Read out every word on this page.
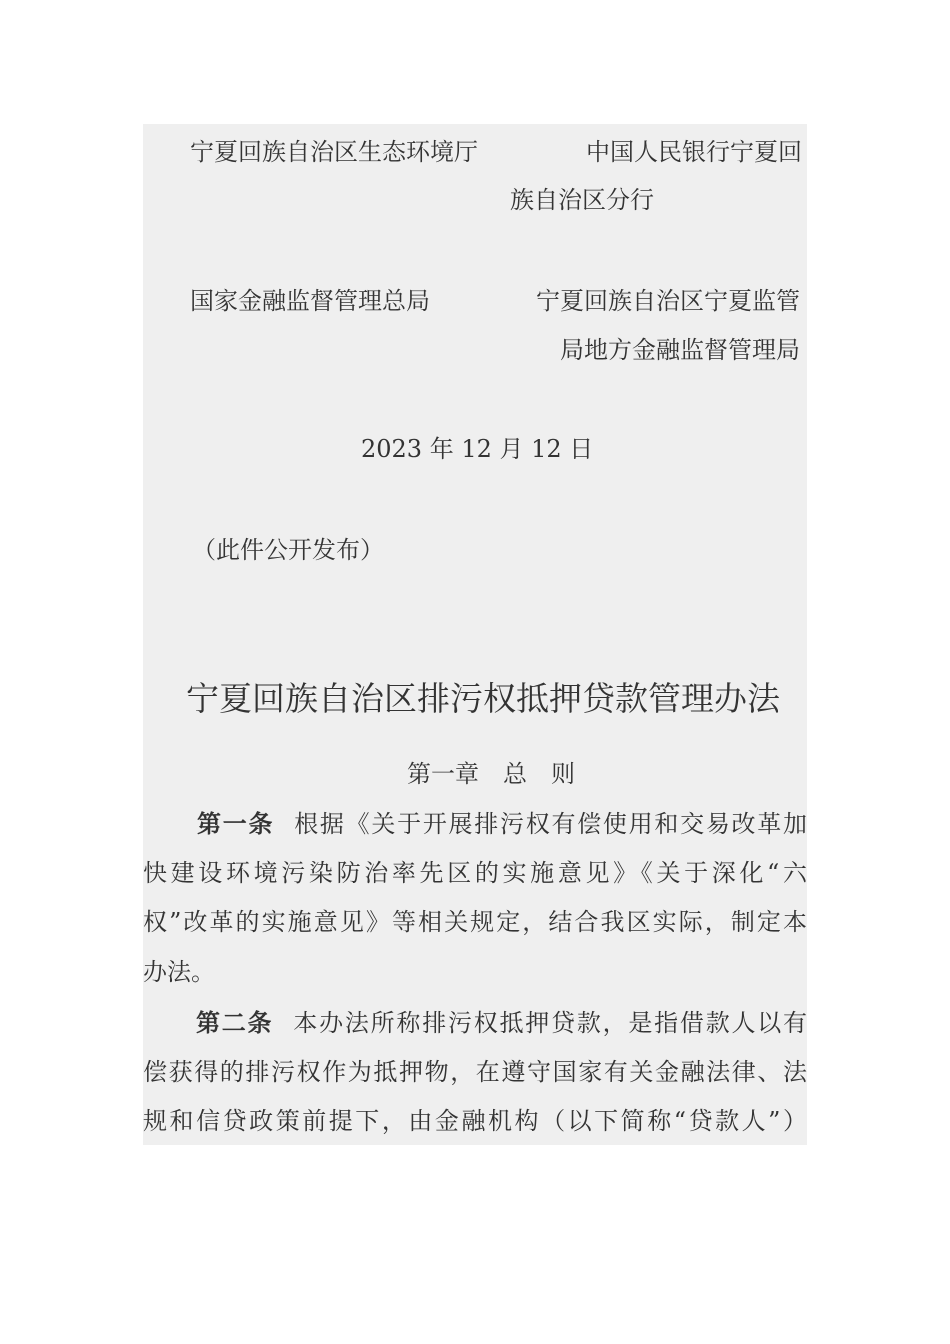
宁夏回族自治区生态环境厅	中国人民银行宁夏回
族自治区分行
国家金融监督管理总局	宁夏回族自治区宁夏监管
局地方金融监督管理局
2023 年 12 月 12 日
（此件公开发布）
宁夏回族自治区排污权抵押贷款管理办法
第一章　总　则
第一条 根据《关于开展排污权有偿使用和交易改革加
快建设环境污染防治率先区的实施意见》《关于深化“六
权”改革的实施意见》等相关规定，结合我区实际，制定本
办法。
第二条 本办法所称排污权抵押贷款，是指借款人以有
偿获得的排污权作为抵押物，在遵守国家有关金融法律、法
规和信贷政策前提下，由金融机构（以下简称“贷款人”）
